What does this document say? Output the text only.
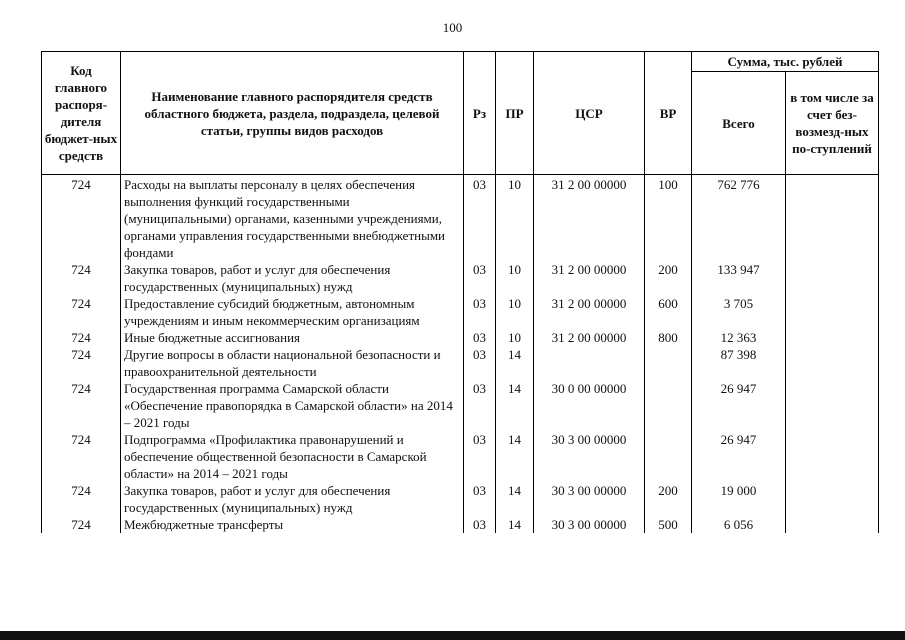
100
Код главного распоря-дителя бюджет-ных средств	Наименование главного распорядителя средств областного бюджета, раздела, подраздела, целевой статьи, группы видов расходов	Рз	ПР	ЦСР	ВР	Сумма, тыс. рублей	
						Всего	в том числе за счет без-возмезд-ных по-ступлений
724	Расходы на выплаты персоналу в целях обеспечения выполнения функций государственными (муниципальными) органами, казенными учреждениями, органами управления государственными внебюджетными фондами	03	10	31 2 00 00000	100	762 776	
724	Закупка товаров, работ и услуг для обеспечения государственных (муниципальных) нужд	03	10	31 2 00 00000	200	133 947	
724	Предоставление субсидий бюджетным, автономным учреждениям и иным некоммерческим организациям	03	10	31 2 00 00000	600	3 705	
724	Иные бюджетные ассигнования	03	10	31 2 00 00000	800	12 363	
724	Другие вопросы в области национальной безопасности и правоохранительной деятельности	03	14			87 398	
724	Государственная программа Самарской области «Обеспечение правопорядка в Самарской области» на 2014 – 2021 годы	03	14	30 0 00 00000		26 947	
724	Подпрограмма «Профилактика правонарушений и обеспечение общественной безопасности в Самарской области» на 2014 – 2021 годы	03	14	30 3 00 00000		26 947	
724	Закупка товаров, работ и услуг для обеспечения государственных (муниципальных) нужд	03	14	30 3 00 00000	200	19 000	
724	Межбюджетные трансферты	03	14	30 3 00 00000	500	6 056	
